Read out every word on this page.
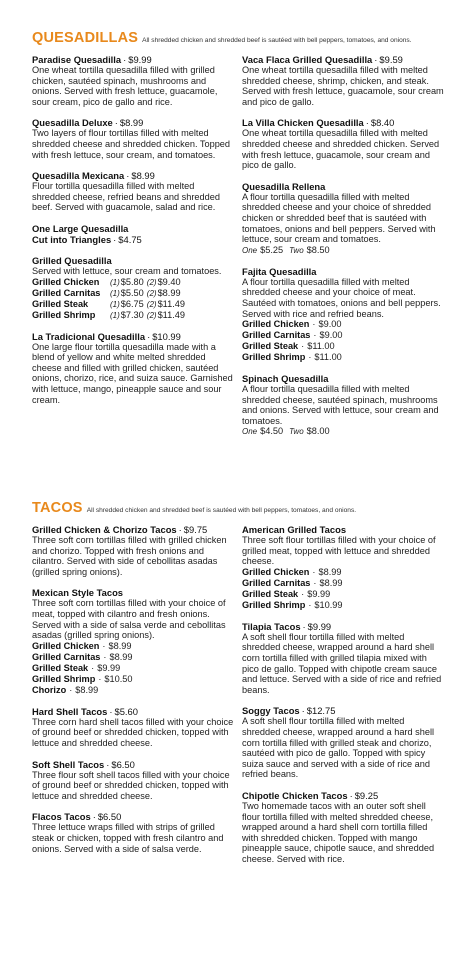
QUESADILLAS All shredded chicken and shredded beef is sautéed with bell peppers, tomatoes, and onions.
Paradise Quesadilla · $9.99
One wheat tortilla quesadilla filled with grilled chicken, sautéed spinach, mushrooms and onions. Served with fresh lettuce, guacamole, sour cream, pico de gallo and rice.
Quesadilla Deluxe · $8.99
Two layers of flour tortillas filled with melted shredded cheese and shredded chicken. Topped with fresh lettuce, sour cream, and tomatoes.
Quesadilla Mexicana · $8.99
Flour tortilla quesadilla filled with melted shredded cheese, refried beans and shredded beef. Served with guacamole, salad and rice.
One Large Quesadilla
Cut into Triangles · $4.75
Grilled Quesadilla
Served with lettuce, sour cream and tomatoes.
Grilled Chicken	(1) $5.80 (2) $9.40
Grilled Carnitas	(1) $5.50 (2) $8.99
Grilled Steak	(1) $6.75 (2) $11.49
Grilled Shrimp	(1) $7.30 (2) $11.49
La Tradicional Quesadilla · $10.99
One large flour tortilla quesadilla made with a blend of yellow and white melted shredded cheese and filled with grilled chicken, sautéed onions, chorizo, rice, and suiza sauce. Garnished with lettuce, mango, pineapple sauce and sour cream.
Vaca Flaca Grilled Quesadilla · $9.59
One wheat tortilla quesadilla filled with melted shredded cheese, shrimp, chicken, and steak. Served with fresh lettuce, guacamole, sour cream and pico de gallo.
La Villa Chicken Quesadilla · $8.40
One wheat tortilla quesadilla filled with melted shredded cheese and shredded chicken. Served with fresh lettuce, guacamole, sour cream and pico de gallo.
Quesadilla Rellena
A flour tortilla quesadilla filled with melted shredded cheese and your choice of shredded chicken or shredded beef that is sautéed with tomatoes, onions and bell peppers. Served with lettuce, sour cream and tomatoes.
One $5.25 Two $8.50
Fajita Quesadilla
A flour tortilla quesadilla filled with melted shredded cheese and your choice of meat. Sautéed with tomatoes, onions and bell peppers. Served with rice and refried beans.
Grilled Chicken · $9.00
Grilled Carnitas · $9.00
Grilled Steak · $11.00
Grilled Shrimp · $11.00
Spinach Quesadilla
A flour tortilla quesadilla filled with melted shredded cheese, sautéed spinach, mushrooms and onions. Served with lettuce, sour cream and tomatoes.
One $4.50 Two $8.00
TACOS All shredded chicken and shredded beef is sautéed with bell peppers, tomatoes, and onions.
Grilled Chicken & Chorizo Tacos · $9.75
Three soft corn tortillas filled with grilled chicken and chorizo. Topped with fresh onions and cilantro. Served with side of cebollitas asadas (grilled spring onions).
Mexican Style Tacos
Three soft corn tortillas filled with your choice of meat, topped with cilantro and fresh onions. Served with a side of salsa verde and cebollitas asadas (grilled spring onions).
Grilled Chicken · $8.99
Grilled Carnitas · $8.99
Grilled Steak · $9.99
Grilled Shrimp · $10.50
Chorizo · $8.99
Hard Shell Tacos · $5.60
Three corn hard shell tacos filled with your choice of ground beef or shredded chicken, topped with lettuce and shredded cheese.
Soft Shell Tacos · $6.50
Three flour soft shell tacos filled with your choice of ground beef or shredded chicken, topped with lettuce and shredded cheese.
Flacos Tacos · $6.50
Three lettuce wraps filled with strips of grilled steak or chicken, topped with fresh cilantro and onions. Served with a side of salsa verde.
American Grilled Tacos
Three soft flour tortillas filled with your choice of grilled meat, topped with lettuce and shredded cheese.
Grilled Chicken · $8.99
Grilled Carnitas · $8.99
Grilled Steak · $9.99
Grilled Shrimp · $10.99
Tilapia Tacos · $9.99
A soft shell flour tortilla filled with melted shredded cheese, wrapped around a hard shell corn tortilla filled with grilled tilapia mixed with pico de gallo. Topped with chipotle cream sauce and lettuce. Served with a side of rice and refried beans.
Soggy Tacos · $12.75
A soft shell flour tortilla filled with melted shredded cheese, wrapped around a hard shell corn tortilla filled with grilled steak and chorizo, sautéed with pico de gallo. Topped with spicy suiza sauce and served with a side of rice and refried beans.
Chipotle Chicken Tacos · $9.25
Two homemade tacos with an outer soft shell flour tortilla filled with melted shredded cheese, wrapped around a hard shell corn tortilla filled with shredded chicken. Topped with mango pineapple sauce, chipotle sauce, and shredded cheese. Served with rice.
